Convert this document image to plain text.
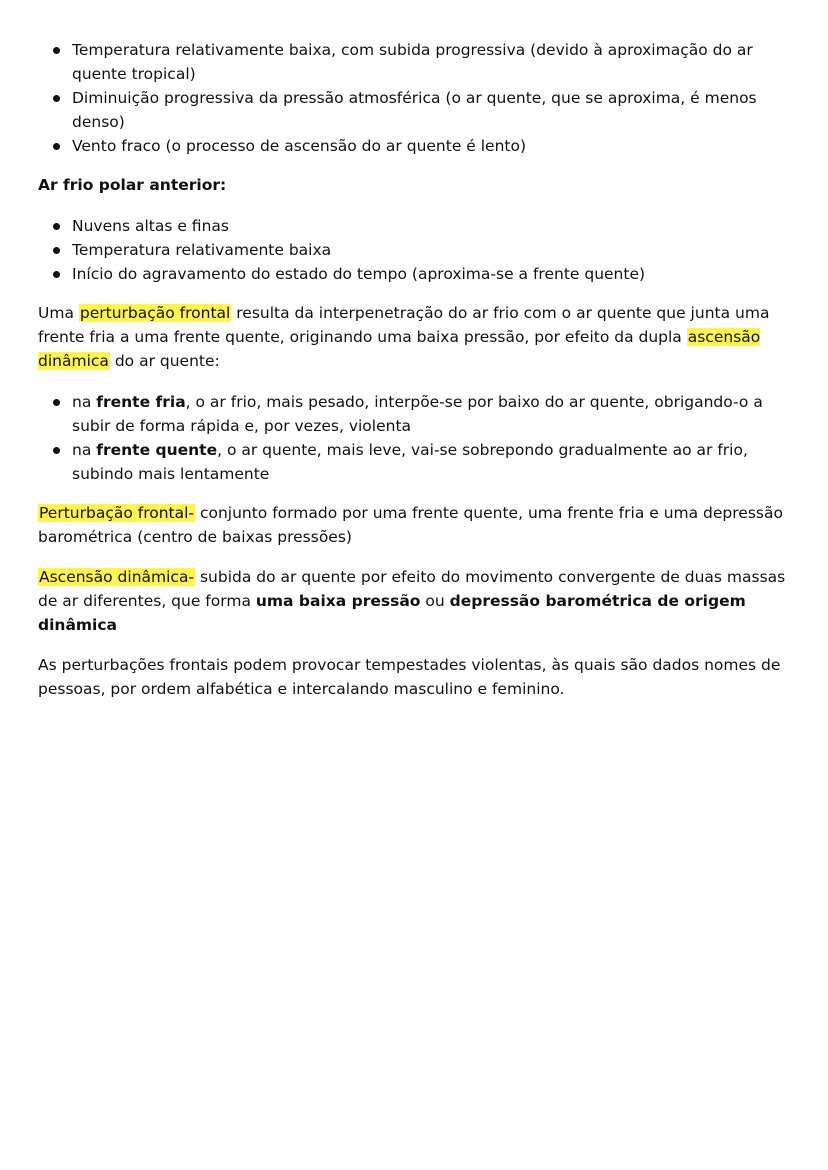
Temperatura relativamente baixa, com subida progressiva (devido à aproximação do ar quente tropical)
Diminuição progressiva da pressão atmosférica (o ar quente, que se aproxima, é menos denso)
Vento fraco (o processo de ascensão do ar quente é lento)
Ar frio polar anterior:
Nuvens altas e finas
Temperatura relativamente baixa
Início do agravamento do estado do tempo (aproxima-se a frente quente)

Uma perturbação frontal resulta da interpenetração do ar frio com o ar quente que junta uma frente fria a uma frente quente, originando uma baixa pressão, por efeito da dupla ascensão dinâmica do ar quente:

na frente fria, o ar frio, mais pesado, interpõe-se por baixo do ar quente, obrigando-o a subir de forma rápida e, por vezes, violenta
na frente quente, o ar quente, mais leve, vai-se sobrepondo gradualmente ao ar frio, subindo mais lentamente

Perturbação frontal- conjunto formado por uma frente quente, uma frente fria e uma depressão barométrica (centro de baixas pressões)

Ascensão dinâmica- subida do ar quente por efeito do movimento convergente de duas massas de ar diferentes, que forma uma baixa pressão ou depressão barométrica de origem dinâmica

As perturbações frontais podem provocar tempestades violentas, às quais são dados nomes de pessoas, por ordem alfabética e intercalando masculino e feminino.
